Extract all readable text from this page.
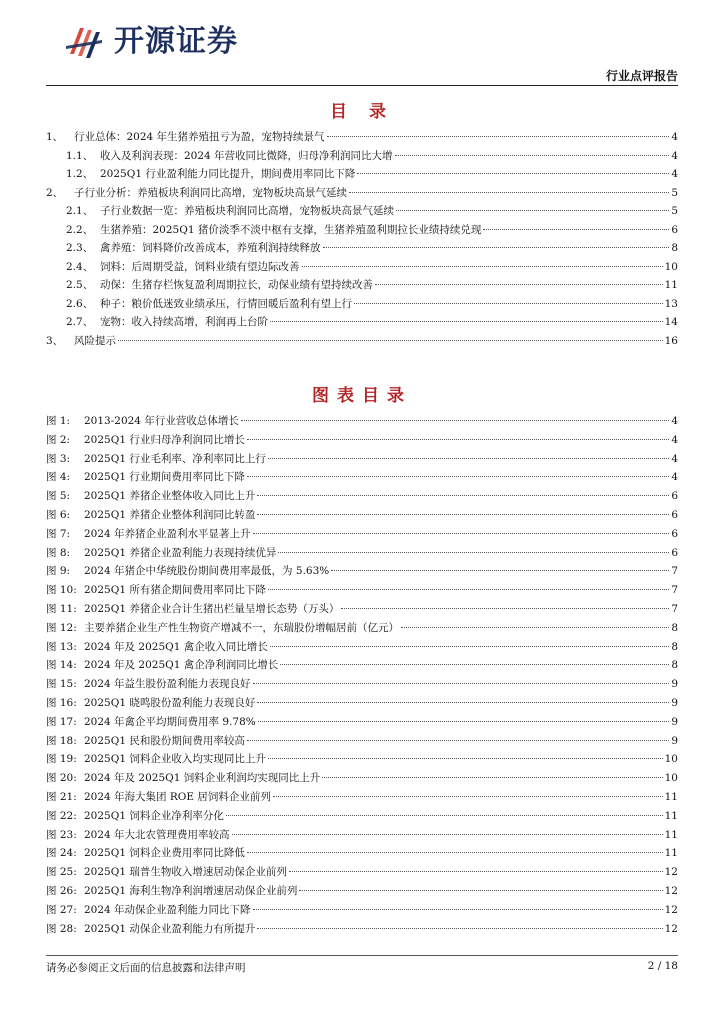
开源证券
行业点评报告
目 录
1、 行业总体：2024 年生猪养殖扭亏为盈，宠物持续景气	4
1.1、 收入及利润表现：2024 年营收同比微降，归母净利润同比大增	4
1.2、 2025Q1 行业盈利能力同比提升，期间费用率同比下降	4
2、 子行业分析：养殖板块利润同比高增，宠物板块高景气延续	5
2.1、 子行业数据一览：养殖板块利润同比高增，宠物板块高景气延续	5
2.2、 生猪养殖：2025Q1 猪价淡季不淡中枢有支撑，生猪养殖盈利期拉长业绩持续兑现	6
2.3、 禽养殖：饲料降价改善成本，养殖利润持续释放	8
2.4、 饲料：后周期受益，饲料业绩有望边际改善	10
2.5、 动保：生猪存栏恢复盈利周期拉长，动保业绩有望持续改善	11
2.6、 种子：粮价低迷致业绩承压，行情回暖后盈利有望上行	13
2.7、 宠物：收入持续高增，利润再上台阶	14
3、 风险提示	16
图表目录
图 1: 2013-2024 年行业营收总体增长	4
图 2: 2025Q1 行业归母净利润同比增长	4
图 3: 2025Q1 行业毛利率、净利率同比上行	4
图 4: 2025Q1 行业期间费用率同比下降	4
图 5: 2025Q1 养猪企业整体收入同比上升	6
图 6: 2025Q1 养猪企业整体利润同比转盈	6
图 7: 2024 年养猪企业盈利水平显著上升	6
图 8: 2025Q1 养猪企业盈利能力表现持续优异	6
图 9: 2024 年猪企中华统股份期间费用率最低，为 5.63%	7
图 10: 2025Q1 所有猪企期间费用率同比下降	7
图 11: 2025Q1 养猪企业合计生猪出栏量呈增长态势（万头）	7
图 12: 主要养猪企业生产性生物资产增减不一，东瑞股份增幅居前（亿元）	8
图 13: 2024 年及 2025Q1 禽企收入同比增长	8
图 14: 2024 年及 2025Q1 禽企净利润同比增长	8
图 15: 2024 年益生股份盈利能力表现良好	9
图 16: 2025Q1 晓鸣股份盈利能力表现良好	9
图 17: 2024 年禽企平均期间费用率 9.78%	9
图 18: 2025Q1 民和股份期间费用率较高	9
图 19: 2025Q1 饲料企业收入均实现同比上升	10
图 20: 2024 年及 2025Q1 饲料企业利润均实现同比上升	10
图 21: 2024 年海大集团 ROE 居饲料企业前列	11
图 22: 2025Q1 饲料企业净利率分化	11
图 23: 2024 年大北农管理费用率较高	11
图 24: 2025Q1 饲料企业费用率同比降低	11
图 25: 2025Q1 瑞普生物收入增速居动保企业前列	12
图 26: 2025Q1 海利生物净利润增速居动保企业前列	12
图 27: 2024 年动保企业盈利能力同比下降	12
图 28: 2025Q1 动保企业盈利能力有所提升	12
请务必参阅正文后面的信息披露和法律声明	2 / 18
